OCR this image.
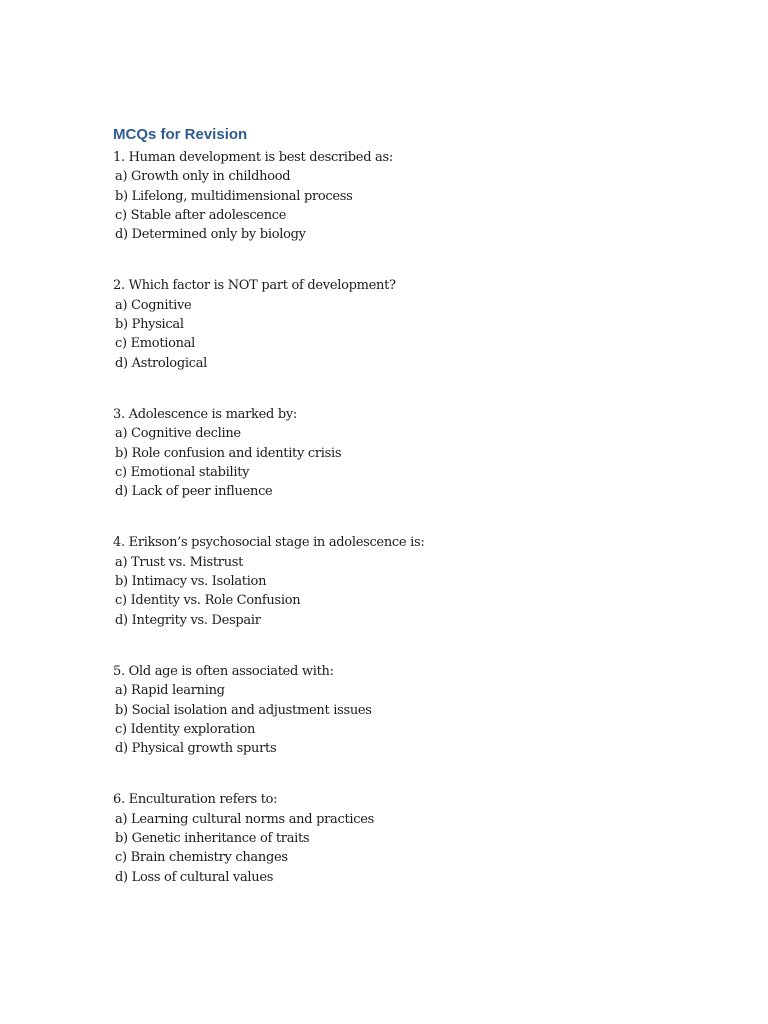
MCQs for Revision
1. Human development is best described as:
a) Growth only in childhood
b) Lifelong, multidimensional process
c) Stable after adolescence
d) Determined only by biology
2. Which factor is NOT part of development?
a) Cognitive
b) Physical
c) Emotional
d) Astrological
3. Adolescence is marked by:
a) Cognitive decline
b) Role confusion and identity crisis
c) Emotional stability
d) Lack of peer influence
4. Erikson’s psychosocial stage in adolescence is:
a) Trust vs. Mistrust
b) Intimacy vs. Isolation
c) Identity vs. Role Confusion
d) Integrity vs. Despair
5. Old age is often associated with:
a) Rapid learning
b) Social isolation and adjustment issues
c) Identity exploration
d) Physical growth spurts
6. Enculturation refers to:
a) Learning cultural norms and practices
b) Genetic inheritance of traits
c) Brain chemistry changes
d) Loss of cultural values
